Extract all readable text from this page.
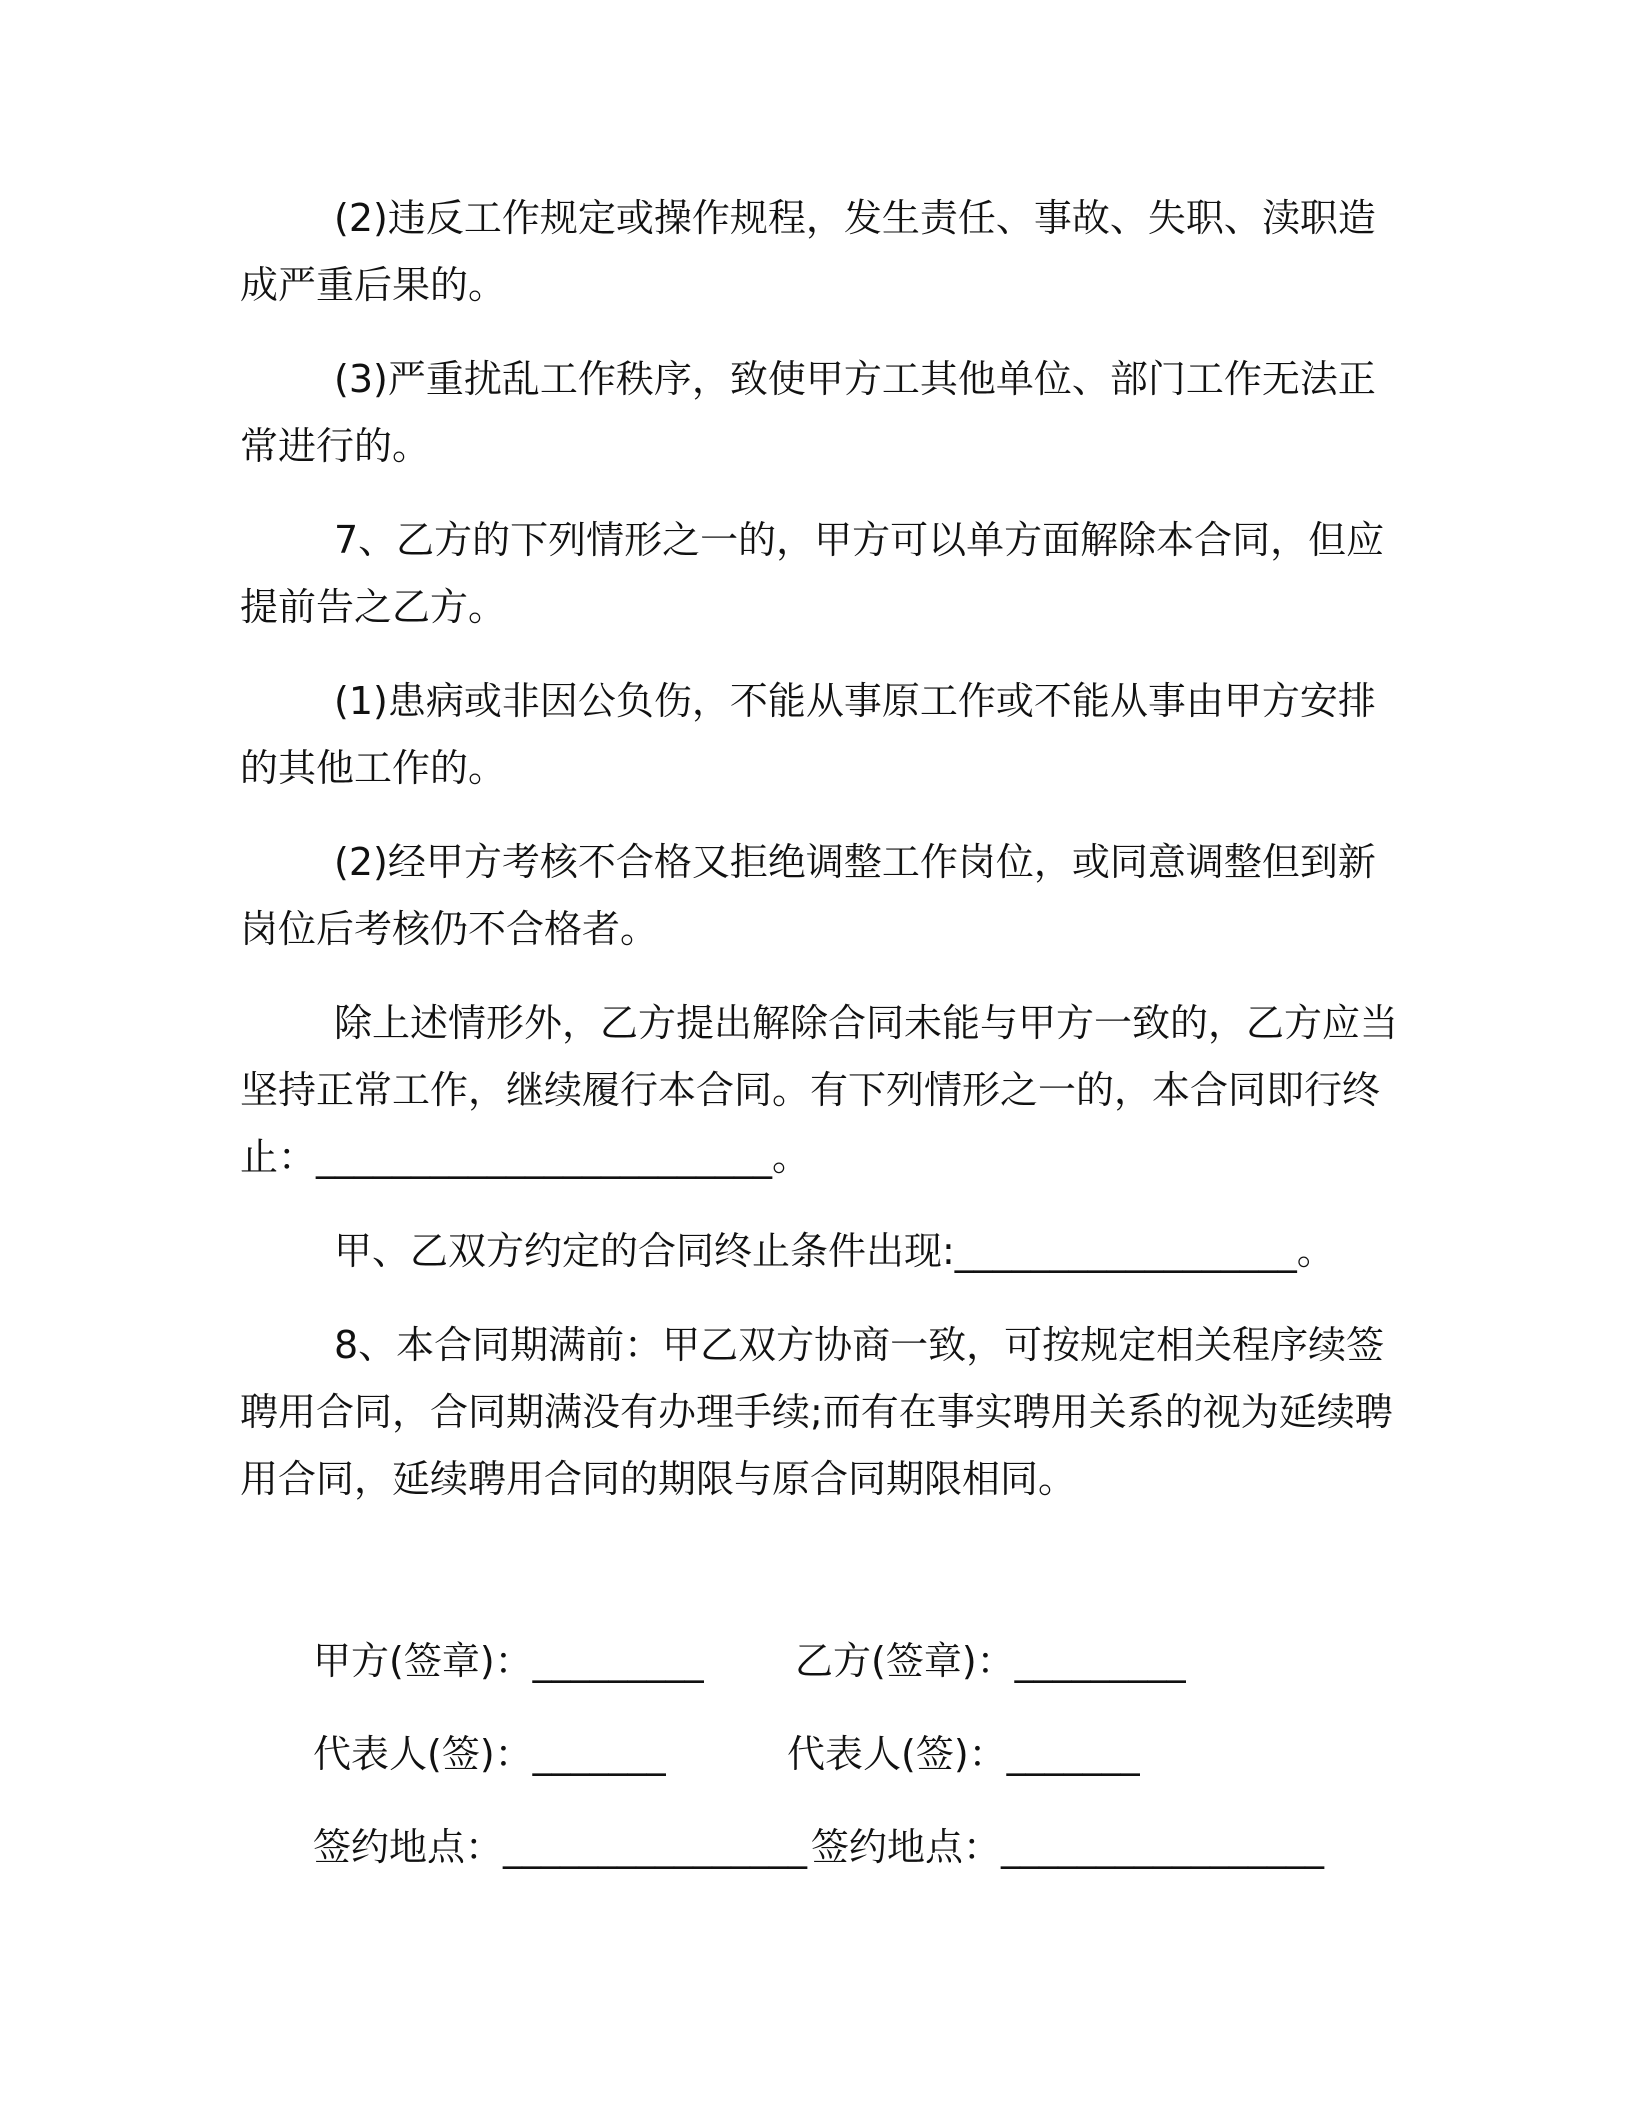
(2)违反工作规定或操作规程，发生责任、事故、失职、渎职造成严重后果的。

(3)严重扰乱工作秩序，致使甲方工其他单位、部门工作无法正常进行的。

7、乙方的下列情形之一的，甲方可以单方面解除本合同，但应提前告之乙方。

(1)患病或非因公负伤，不能从事原工作或不能从事由甲方安排的其他工作的。

(2)经甲方考核不合格又拒绝调整工作岗位，或同意调整但到新岗位后考核仍不合格者。

除上述情形外，乙方提出解除合同未能与甲方一致的，乙方应当坚持正常工作，继续履行本合同。有下列情形之一的，本合同即行终止：________________________。

甲、乙双方约定的合同终止条件出现:__________________。

8、本合同期满前：甲乙双方协商一致，可按规定相关程序续签聘用合同，合同期满没有办理手续;而有在事实聘用关系的视为延续聘用合同，延续聘用合同的期限与原合同期限相同。

甲方(签章)：_________ 乙方(签章)：_________
代表人(签)：_______	代表人(签)：_______
签约地点：________________ 签约地点：_________________
